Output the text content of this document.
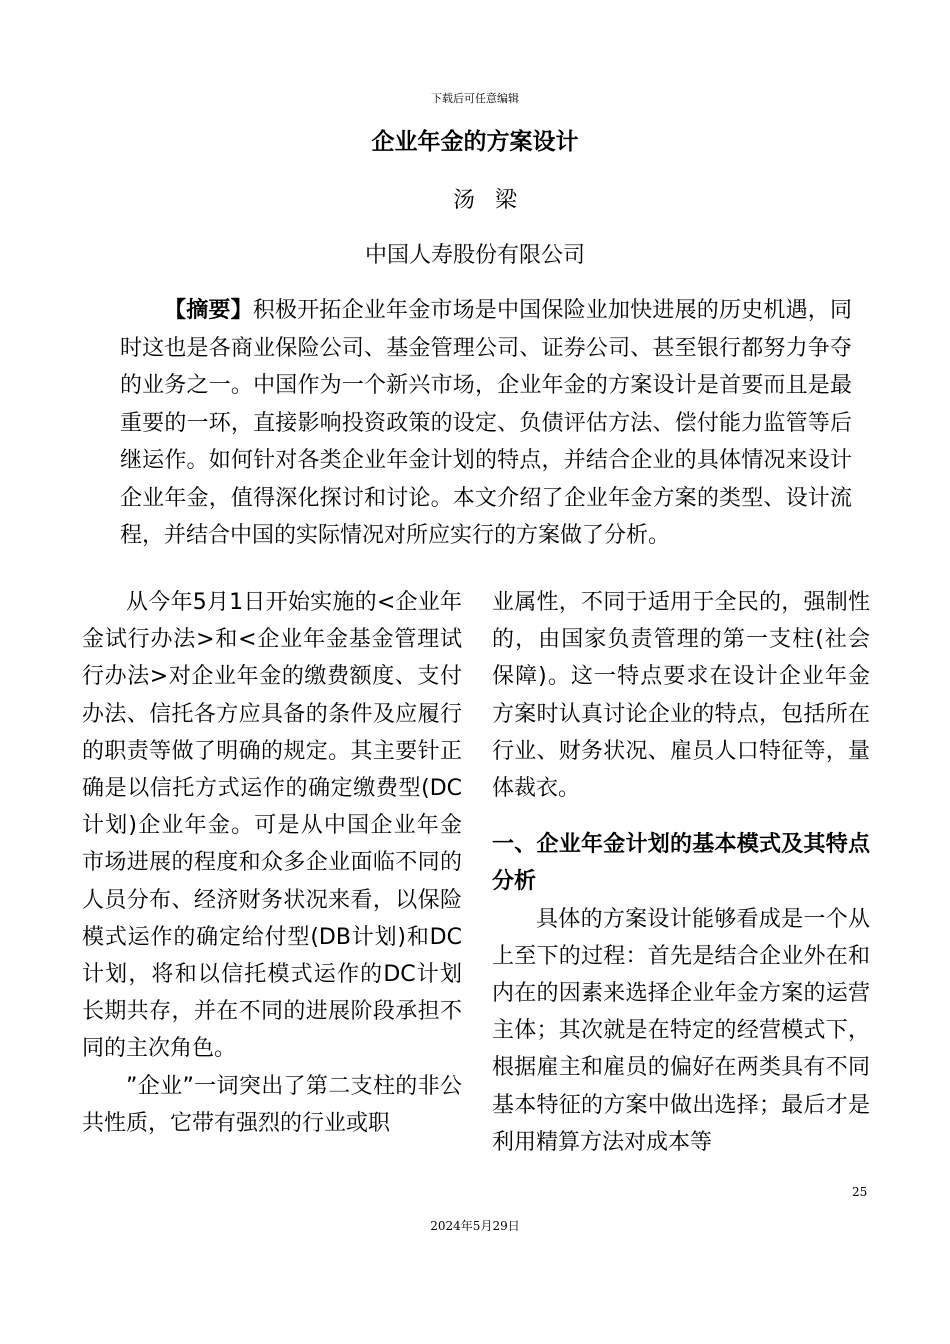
下载后可任意编辑
企业年金的方案设计
汤梁
中国人寿股份有限公司
【摘要】积极开拓企业年金市场是中国保险业加快进展的历史机遇，同时这也是各商业保险公司、基金管理公司、证券公司、甚至银行都努力争夺的业务之一。中国作为一个新兴市场，企业年金的方案设计是首要而且是最重要的一环，直接影响投资政策的设定、负债评估方法、偿付能力监管等后继运作。如何针对各类企业年金计划的特点，并结合企业的具体情况来设计企业年金，值得深化探讨和讨论。本文介绍了企业年金方案的类型、设计流程，并结合中国的实际情况对所应实行的方案做了分析。

从今年5月1日开始实施的<企业年金试行办法>和<企业年金基金管理试行办法>对企业年金的缴费额度、支付办法、信托各方应具备的条件及应履行的职责等做了明确的规定。其主要针正确是以信托方式运作的确定缴费型(DC计划)企业年金。可是从中国企业年金市场进展的程度和众多企业面临不同的人员分布、经济财务状况来看，以保险模式运作的确定给付型(DB计划)和DC计划，将和以信托模式运作的DC计划长期共存，并在不同的进展阶段承担不同的主次角色。

”企业”一词突出了第二支柱的非公共性质，它带有强烈的行业或职

业属性，不同于适用于全民的，强制性的，由国家负责管理的第一支柱(社会保障)。这一特点要求在设计企业年金方案时认真讨论企业的特点，包括所在行业、财务状况、雇员人口特征等，量体裁衣。

一、企业年金计划的基本模式及其特点分析

具体的方案设计能够看成是一个从上至下的过程：首先是结合企业外在和内在的因素来选择企业年金方案的运营主体；其次就是在特定的经营模式下，根据雇主和雇员的偏好在两类具有不同基本特征的方案中做出选择；最后才是利用精算方法对成本等

25
2024年5月29日
